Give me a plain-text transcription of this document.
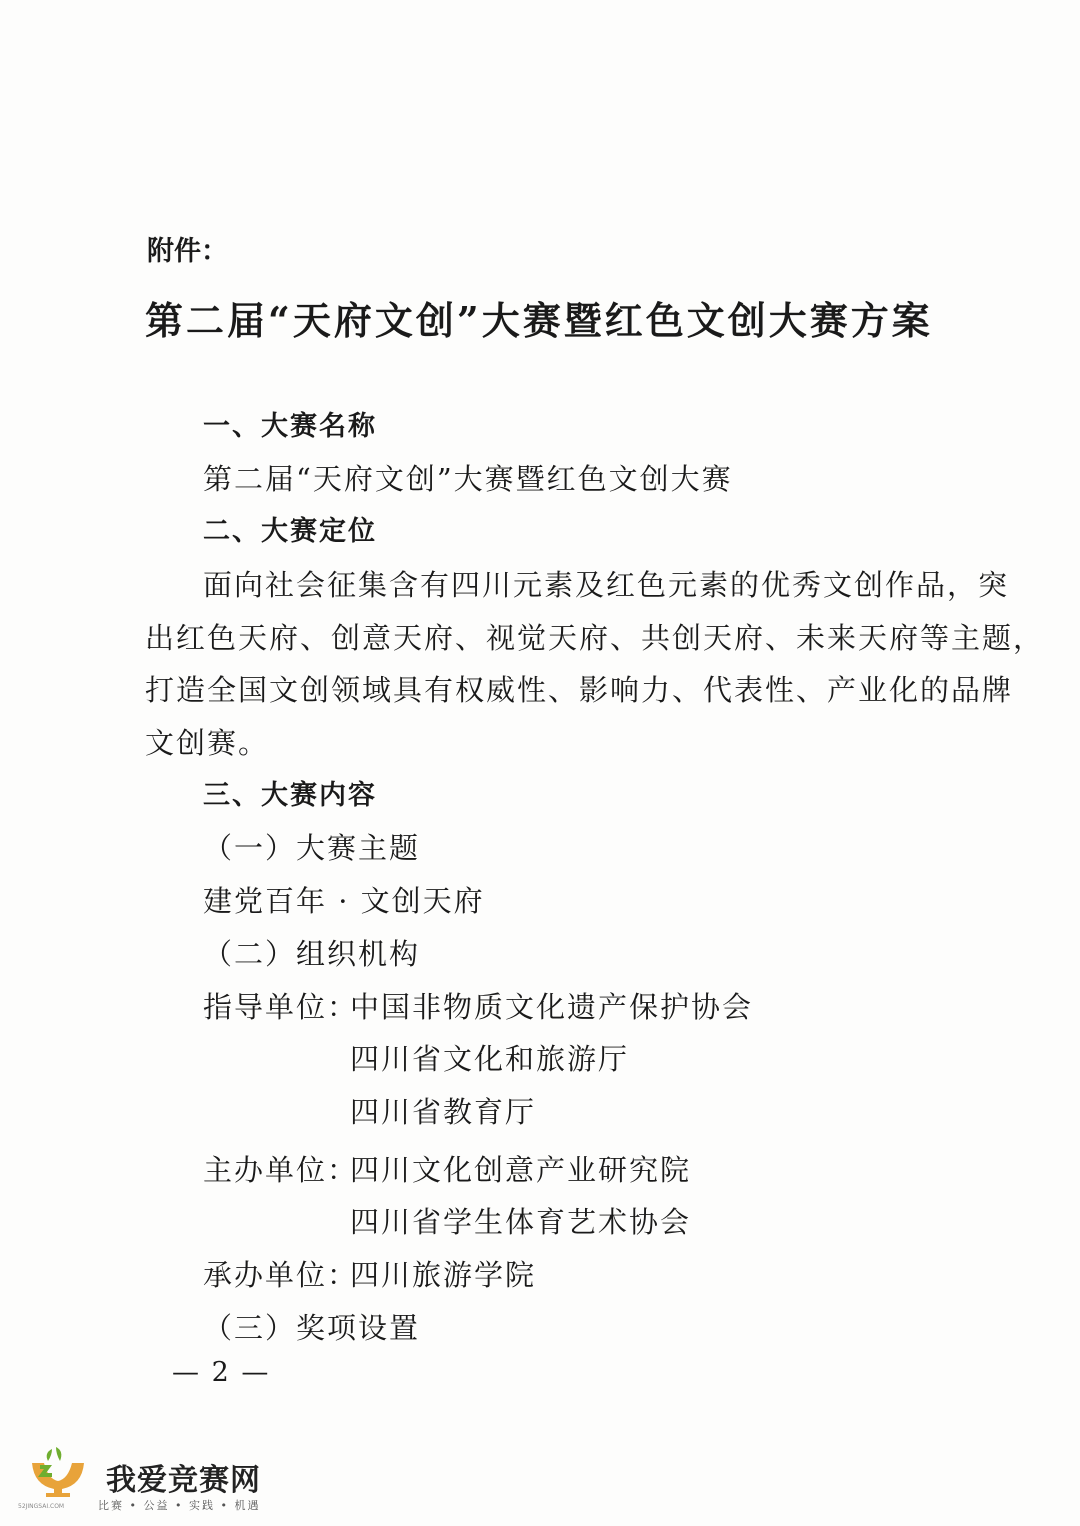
附件：
第二届“天府文创”大赛暨红色文创大赛方案
一、大赛名称
第二届“天府文创”大赛暨红色文创大赛
二、大赛定位
面向社会征集含有四川元素及红色元素的优秀文创作品，突
出红色天府、创意天府、视觉天府、共创天府、未来天府等主题，
打造全国文创领域具有权威性、影响力、代表性、产业化的品牌
文创赛。
三、大赛内容
（一）大赛主题
建党百年 · 文创天府
（二）组织机构
指导单位：
中国非物质文化遗产保护协会
四川省文化和旅游厅
四川省教育厅
主办单位：
四川文化创意产业研究院
四川省学生体育艺术协会
承办单位：
四川旅游学院
（三）奖项设置
— 2 —
我爱竞赛网
比赛 • 公益 • 实践 • 机遇
52JINGSAI.COM
